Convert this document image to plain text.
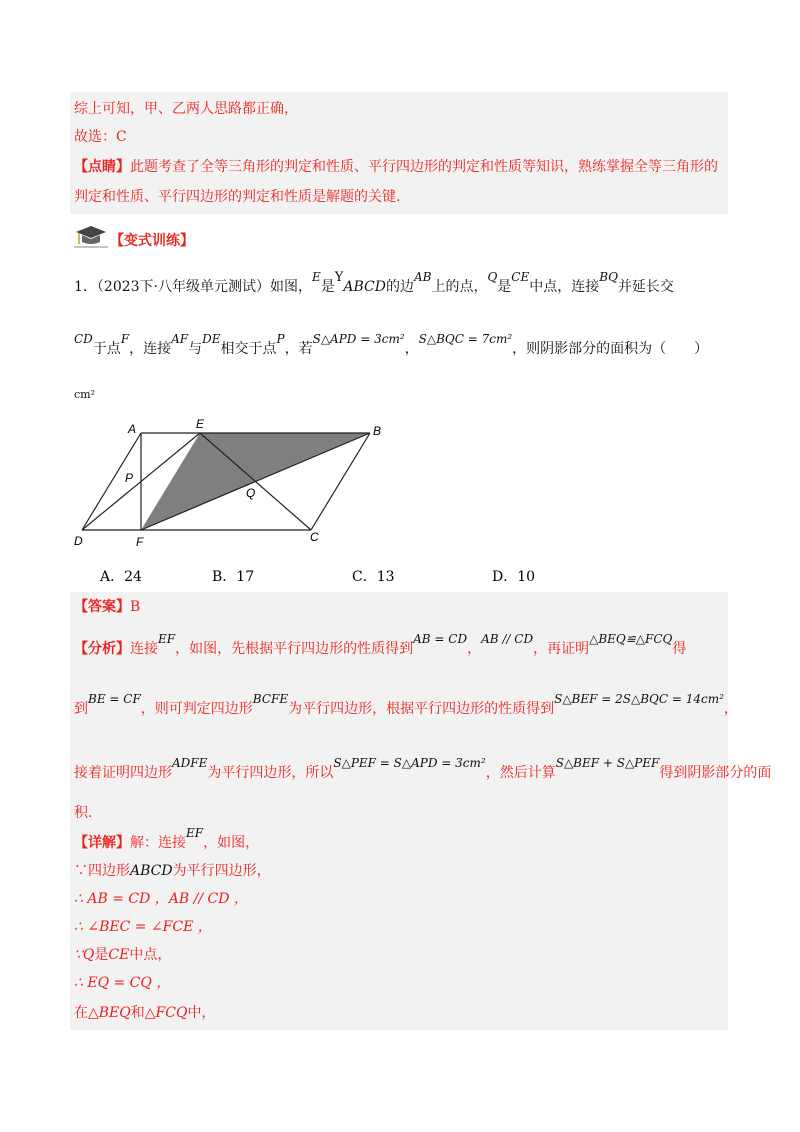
综上可知，甲、乙两人思路都正确，
故选：C
【点睛】此题考查了全等三角形的判定和性质、平行四边形的判定和性质等知识，熟练掌握全等三角形的
判定和性质、平行四边形的判定和性质是解题的关键.
【变式训练】
1．（2023下·八年级单元测试）如图，E是YABCD的边AB上的点，Q是CE中点，连接BQ并延长交
CD于点F，连接AF与DE相交于点P，若S△APD = 3cm²，S△BQC = 7cm²，则阴影部分的面积为（　　）
cm²
A	E	B
P
Q
D	F	C
A．24	B．17	C．13	D．10
【答案】B
【分析】连接EF，如图，先根据平行四边形的性质得到AB = CD，AB // CD，再证明△BEQ≌△FCQ得
到BE = CF，则可判定四边形BCFE为平行四边形，根据平行四边形的性质得到S△BEF = 2S△BQC = 14cm²，
接着证明四边形ADFE为平行四边形，所以S△PEF = S△APD = 3cm²，然后计算S△BEF + S△PEF得到阴影部分的面
积.
【详解】解：连接EF，如图，
∵四边形ABCD为平行四边形，
∴ AB = CD ，AB // CD ，
∴ ∠BEC = ∠FCE ，
∵Q是CE中点，
∴ EQ = CQ ，
在△BEQ和△FCQ中，
